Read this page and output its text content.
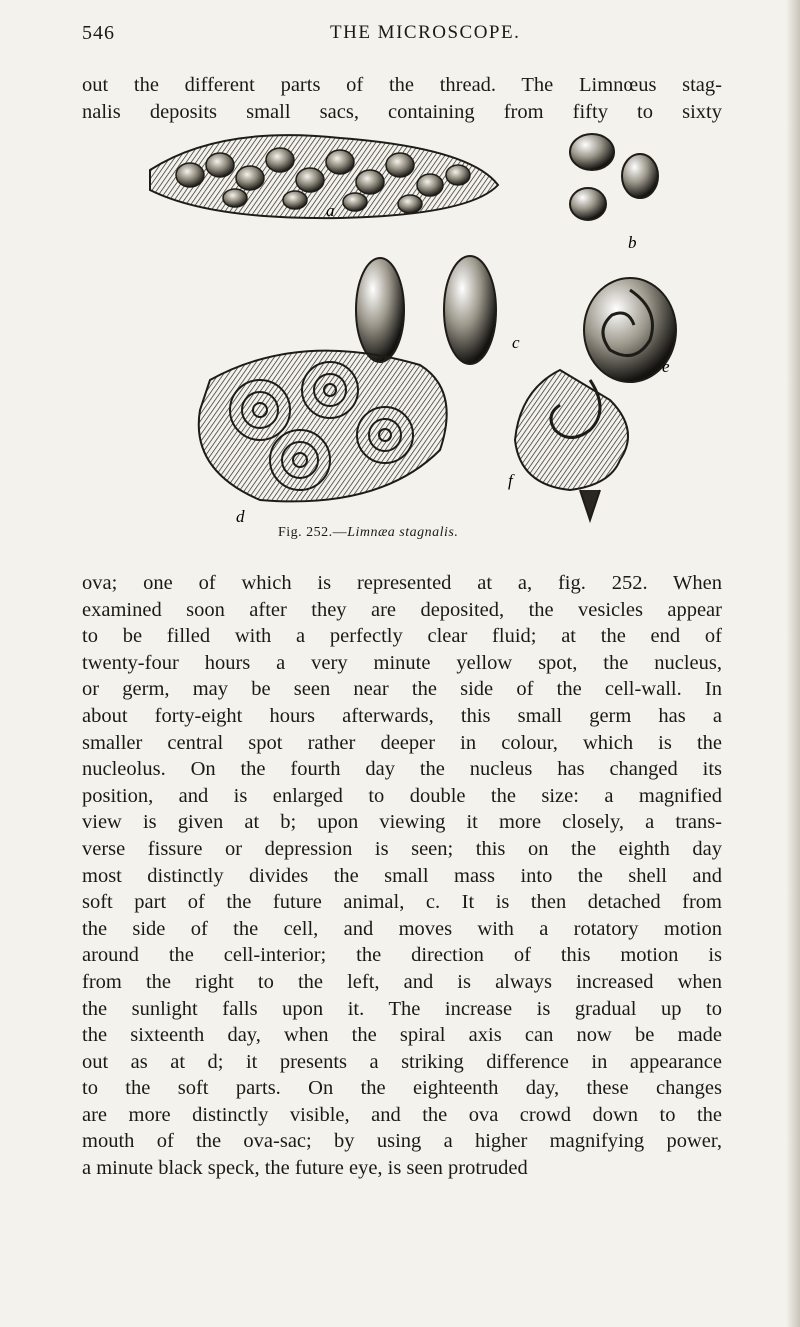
546	THE MICROSCOPE.
out the different parts of the thread. The Limnœus stag-
nalis deposits small sacs, containing from fifty to sixty
a
b
c
d
e
f
Fig. 252.—Limnæa stagnalis.
ova; one of which is represented at a, fig. 252. When
examined soon after they are deposited, the vesicles appear
to be filled with a perfectly clear fluid; at the end of
twenty-four hours a very minute yellow spot, the nucleus,
or germ, may be seen near the side of the cell-wall. In
about forty-eight hours afterwards, this small germ has a
smaller central spot rather deeper in colour, which is the
nucleolus. On the fourth day the nucleus has changed its
position, and is enlarged to double the size: a magnified
view is given at b; upon viewing it more closely, a trans-
verse fissure or depression is seen; this on the eighth day
most distinctly divides the small mass into the shell and
soft part of the future animal, c. It is then detached from
the side of the cell, and moves with a rotatory motion
around the cell-interior; the direction of this motion is
from the right to the left, and is always increased when
the sunlight falls upon it. The increase is gradual up to
the sixteenth day, when the spiral axis can now be made
out as at d; it presents a striking difference in appearance
to the soft parts. On the eighteenth day, these changes
are more distinctly visible, and the ova crowd down to the
mouth of the ova-sac; by using a higher magnifying power,
a minute black speck, the future eye, is seen protruded
